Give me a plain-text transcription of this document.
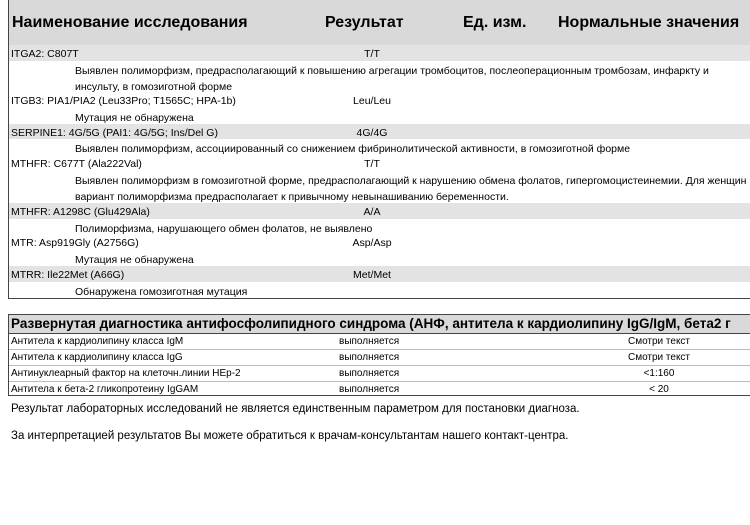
Наименование исследования	Результат	Ед. изм. Нормальные значения
ITGA2: C807T	T/T
Выявлен полиморфизм, предрасполагающий к повышению агрегации тромбоцитов, послеоперационным тромбозам, инфаркту и инсульту, в гомозиготной форме
ITGB3: PIA1/PIA2 (Leu33Pro; T1565C; HPA-1b)	Leu/Leu
Мутация не обнаружена
SERPINE1: 4G/5G (PAI1: 4G/5G; Ins/Del G)	4G/4G
Выявлен полиморфизм, ассоциированный со снижением фибринолитической активности, в гомозиготной форме
MTHFR: C677T (Ala222Val)	T/T
Выявлен полиморфизм в гомозиготной форме, предрасполагающий к нарушению обмена фолатов, гипергомоцистеинемии. Для женщин вариант полиморфизма предрасполагает к привычному невынашиванию беременности.
MTHFR: A1298C (Glu429Ala)	A/A
Полиморфизма, нарушающего обмен фолатов, не выявлено
MTR: Asp919Gly (A2756G)	Asp/Asp
Мутация не обнаружена
MTRR: Ile22Met (A66G)	Met/Met
Обнаружена гомозиготная мутация
Развернутая диагностика антифосфолипидного синдрома (АНФ, антитела к кардиолипину IgG/IgM, бета2 г
Антитела к кардиолипину класса IgM	выполняется	Смотри текст
Антитела к кардиолипину класса IgG	выполняется	Смотри текст
Антинуклеарный фактор на клеточн.линии HEp-2	выполняется	<1:160
Антитела к бета-2 гликопротеину IgGAM	выполняется	< 20
Результат лабораторных исследований не является единственным параметром для постановки диагноза.
За интерпретацией результатов Вы можете обратиться к врачам-консультантам нашего контакт-центра.
